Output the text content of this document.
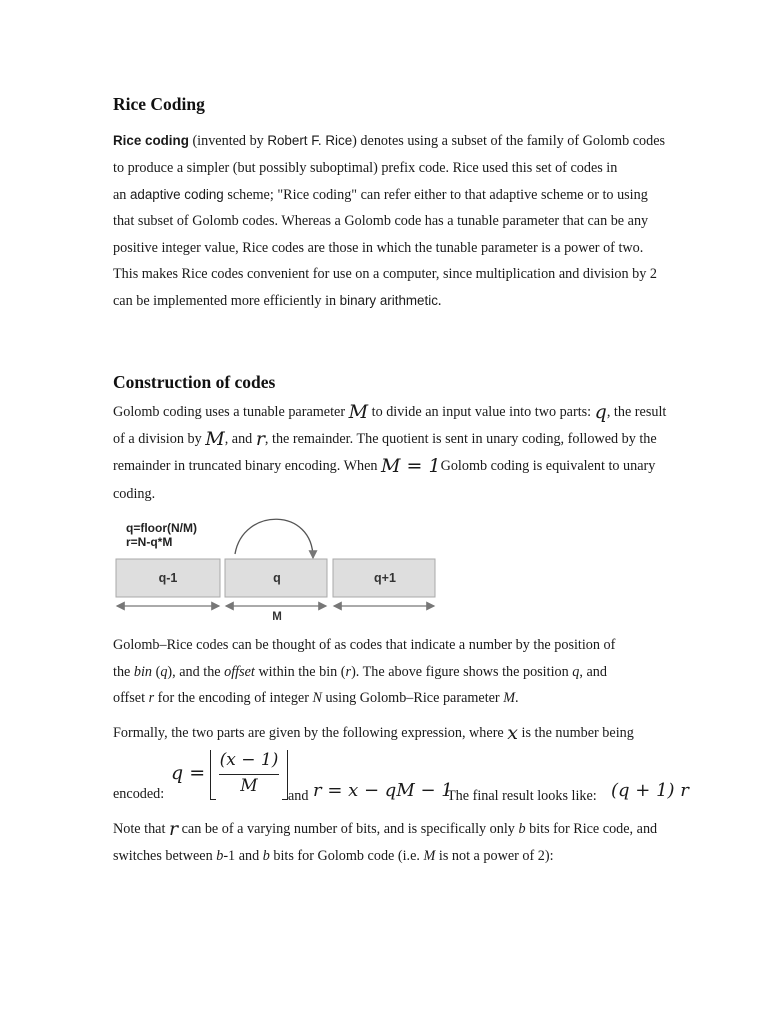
Rice Coding
Rice coding (invented by Robert F. Rice) denotes using a subset of the family of Golomb codes
to produce a simpler (but possibly suboptimal) prefix code. Rice used this set of codes in
an adaptive coding scheme; "Rice coding" can refer either to that adaptive scheme or to using
that subset of Golomb codes. Whereas a Golomb code has a tunable parameter that can be any
positive integer value, Rice codes are those in which the tunable parameter is a power of two.
This makes Rice codes convenient for use on a computer, since multiplication and division by 2
can be implemented more efficiently in binary arithmetic.
Construction of codes
Golomb coding uses a tunable parameter M to divide an input value into two parts: q, the result
of a division by M, and r, the remainder. The quotient is sent in unary coding, followed by the
remainder in truncated binary encoding. When M = 1Golomb coding is equivalent to unary
coding.
q=floor(N/M)
r=N-q*M
q-1	q	q+1
M
Golomb–Rice codes can be thought of as codes that indicate a number by the position of
the bin (q), and the offset within the bin (r). The above figure shows the position q, and
offset r for the encoding of integer N using Golomb–Rice parameter M.
Formally, the two parts are given by the following expression, where x is the number being
encoded:
q =
(x − 1)
M	and r = x − qM − 1
The final result looks like: (q + 1) r
Note that r can be of a varying number of bits, and is specifically only b bits for Rice code, and
switches between b-1 and b bits for Golomb code (i.e. M is not a power of 2):
